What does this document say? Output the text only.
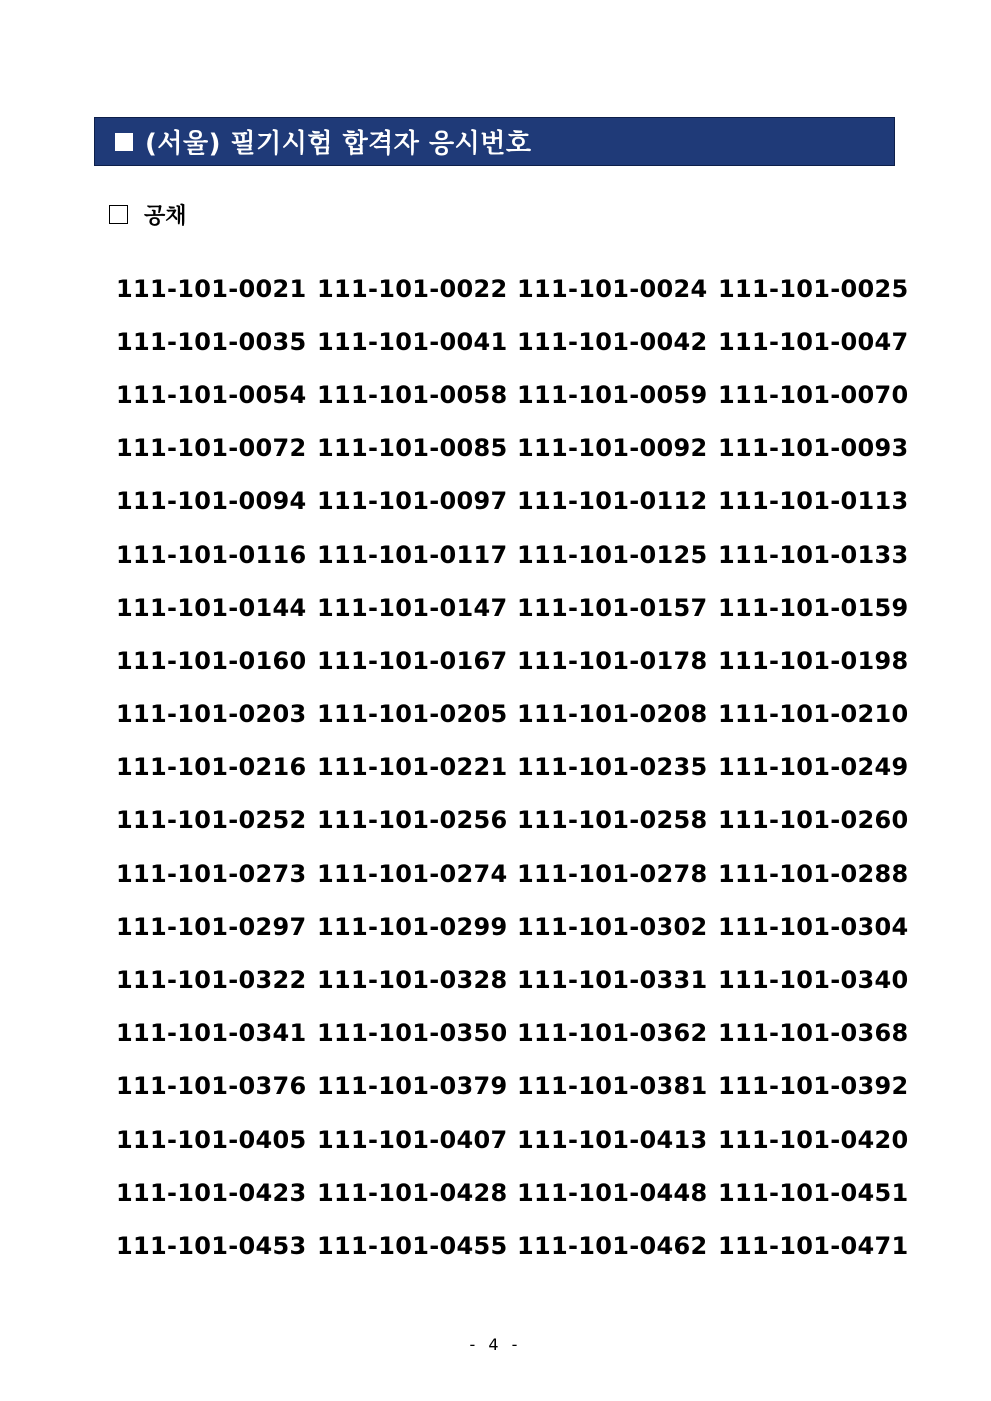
(서울) 필기시험 합격자 응시번호
공채
111-101-0021 111-101-0022 111-101-0024 111-101-0025
111-101-0035 111-101-0041 111-101-0042 111-101-0047
111-101-0054 111-101-0058 111-101-0059 111-101-0070
111-101-0072 111-101-0085 111-101-0092 111-101-0093
111-101-0094 111-101-0097 111-101-0112 111-101-0113
111-101-0116 111-101-0117 111-101-0125 111-101-0133
111-101-0144 111-101-0147 111-101-0157 111-101-0159
111-101-0160 111-101-0167 111-101-0178 111-101-0198
111-101-0203 111-101-0205 111-101-0208 111-101-0210
111-101-0216 111-101-0221 111-101-0235 111-101-0249
111-101-0252 111-101-0256 111-101-0258 111-101-0260
111-101-0273 111-101-0274 111-101-0278 111-101-0288
111-101-0297 111-101-0299 111-101-0302 111-101-0304
111-101-0322 111-101-0328 111-101-0331 111-101-0340
111-101-0341 111-101-0350 111-101-0362 111-101-0368
111-101-0376 111-101-0379 111-101-0381 111-101-0392
111-101-0405 111-101-0407 111-101-0413 111-101-0420
111-101-0423 111-101-0428 111-101-0448 111-101-0451
111-101-0453 111-101-0455 111-101-0462 111-101-0471
- 4 -
